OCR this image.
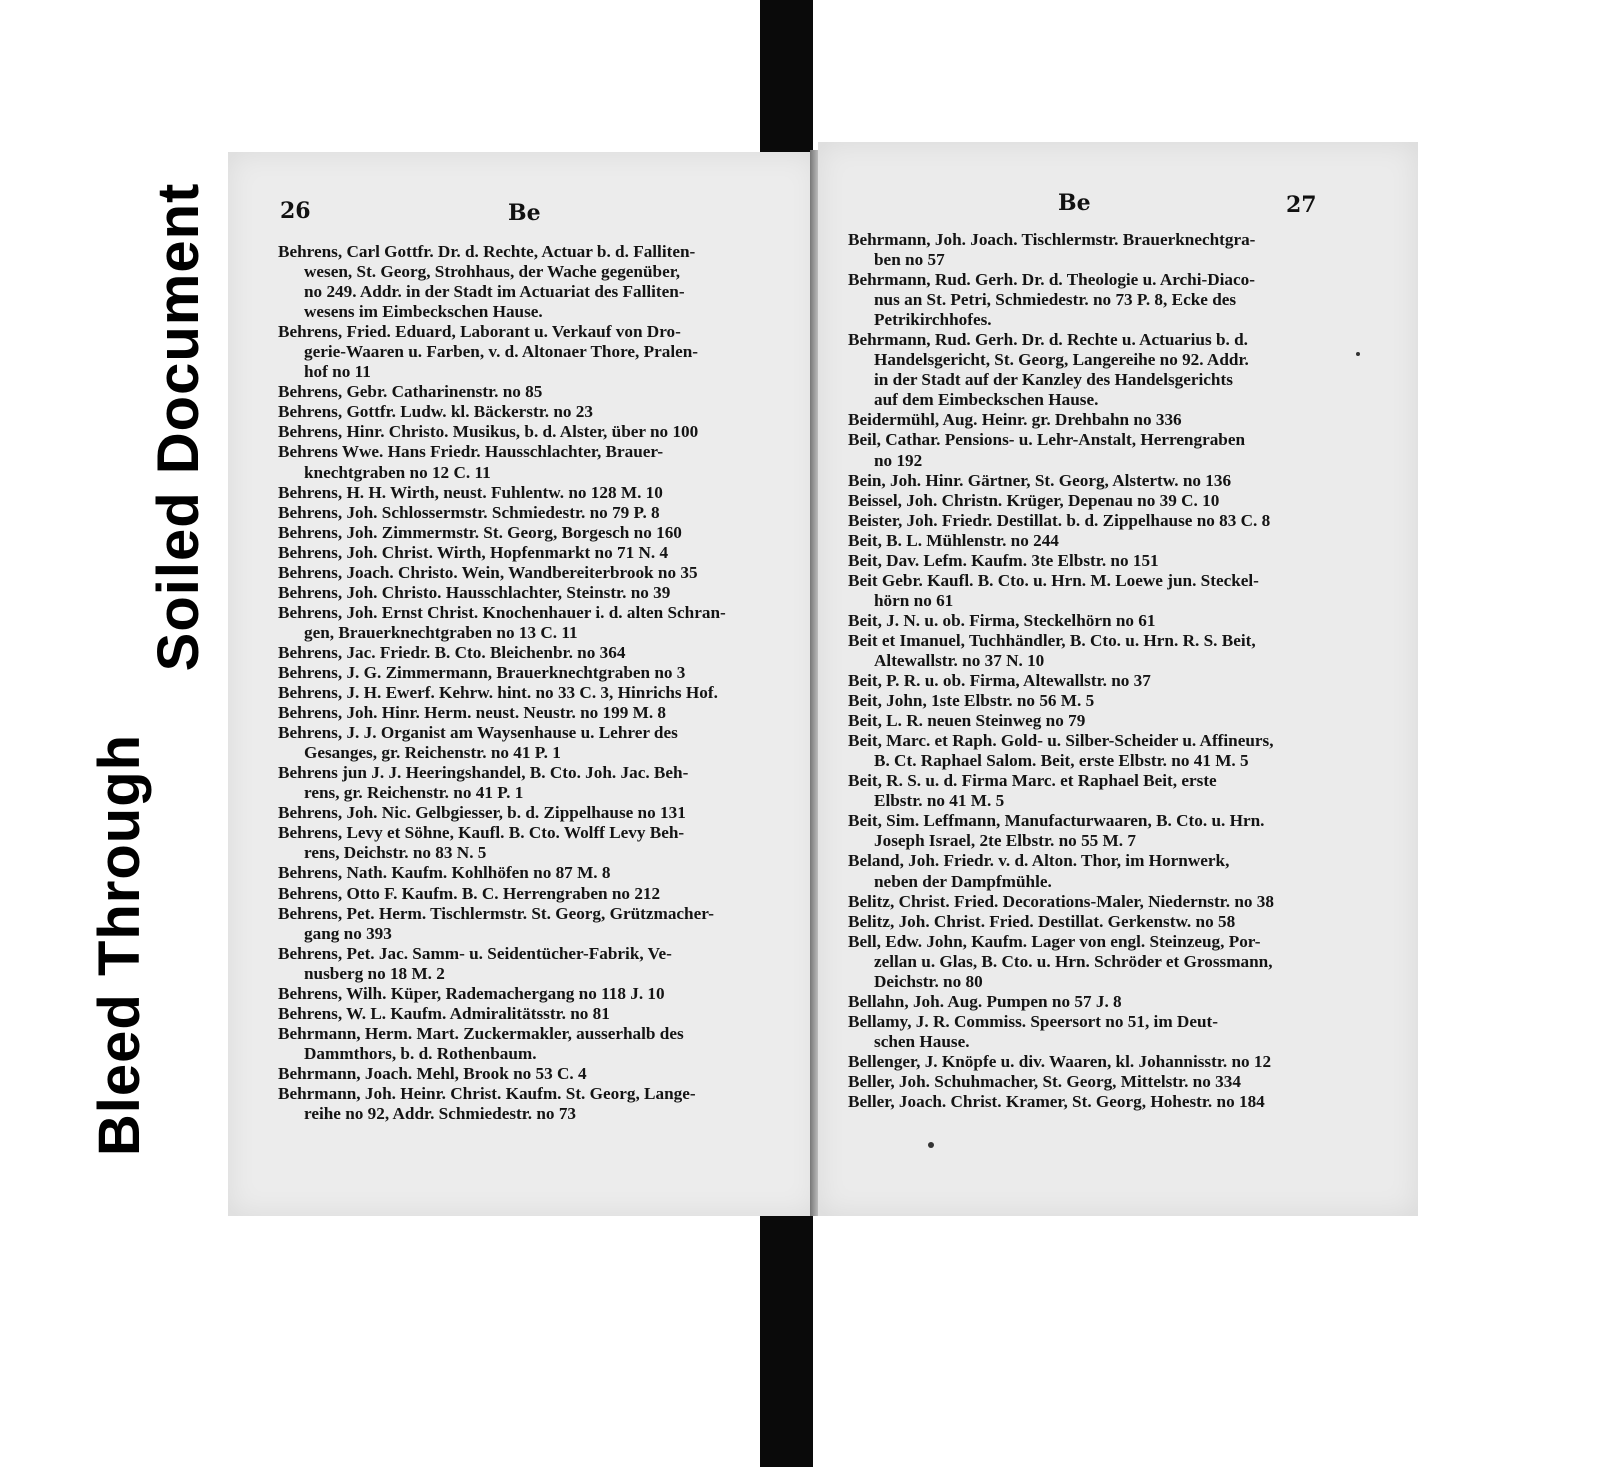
26	Be
Behrens, Carl Gottfr. Dr. d. Rechte, Actuar b. d. Falliten-
wesen, St. Georg, Strohhaus, der Wache gegenüber,
no 249. Addr. in der Stadt im Actuariat des Falliten-
wesens im Eimbeckschen Hause.
Behrens, Fried. Eduard, Laborant u. Verkauf von Dro-
gerie-Waaren u. Farben, v. d. Altonaer Thore, Pralen-
hof no 11
Behrens, Gebr. Catharinenstr. no 85
Behrens, Gottfr. Ludw. kl. Bäckerstr. no 23
Behrens, Hinr. Christo. Musikus, b. d. Alster, über no 100
Behrens Wwe. Hans Friedr. Hausschlachter, Brauer-
knechtgraben no 12 C. 11
Behrens, H. H. Wirth, neust. Fuhlentw. no 128 M. 10
Behrens, Joh. Schlossermstr. Schmiedestr. no 79 P. 8
Behrens, Joh. Zimmermstr. St. Georg, Borgesch no 160
Behrens, Joh. Christ. Wirth, Hopfenmarkt no 71 N. 4
Behrens, Joach. Christo. Wein, Wandbereiterbrook no 35
Behrens, Joh. Christo. Hausschlachter, Steinstr. no 39
Behrens, Joh. Ernst Christ. Knochenhauer i. d. alten Schran-
gen, Brauerknechtgraben no 13 C. 11
Behrens, Jac. Friedr. B. Cto. Bleichenbr. no 364
Behrens, J. G. Zimmermann, Brauerknechtgraben no 3
Behrens, J. H. Ewerf. Kehrw. hint. no 33 C. 3, Hinrichs Hof.
Behrens, Joh. Hinr. Herm. neust. Neustr. no 199 M. 8
Behrens, J. J. Organist am Waysenhause u. Lehrer des
Gesanges, gr. Reichenstr. no 41 P. 1
Behrens jun J. J. Heeringshandel, B. Cto. Joh. Jac. Beh-
rens, gr. Reichenstr. no 41 P. 1
Behrens, Joh. Nic. Gelbgiesser, b. d. Zippelhause no 131
Behrens, Levy et Söhne, Kaufl. B. Cto. Wolff Levy Beh-
rens, Deichstr. no 83 N. 5
Behrens, Nath. Kaufm. Kohlhöfen no 87 M. 8
Behrens, Otto F. Kaufm. B. C. Herrengraben no 212
Behrens, Pet. Herm. Tischlermstr. St. Georg, Grützmacher-
gang no 393
Behrens, Pet. Jac. Samm- u. Seidentücher-Fabrik, Ve-
nusberg no 18 M. 2
Behrens, Wilh. Küper, Rademachergang no 118 J. 10
Behrens, W. L. Kaufm. Admiralitätsstr. no 81
Behrmann, Herm. Mart. Zuckermakler, ausserhalb des
Dammthors, b. d. Rothenbaum.
Behrmann, Joach. Mehl, Brook no 53 C. 4
Behrmann, Joh. Heinr. Christ. Kaufm. St. Georg, Lange-
reihe no 92, Addr. Schmiedestr. no 73
Be	27
Behrmann, Joh. Joach. Tischlermstr. Brauerknechtgra-
ben no 57
Behrmann, Rud. Gerh. Dr. d. Theologie u. Archi-Diaco-
nus an St. Petri, Schmiedestr. no 73 P. 8, Ecke des
Petrikirchhofes.
Behrmann, Rud. Gerh. Dr. d. Rechte u. Actuarius b. d.
Handelsgericht, St. Georg, Langereihe no 92. Addr.
in der Stadt auf der Kanzley des Handelsgerichts
auf dem Eimbeckschen Hause.
Beidermühl, Aug. Heinr. gr. Drehbahn no 336
Beil, Cathar. Pensions- u. Lehr-Anstalt, Herrengraben
no 192
Bein, Joh. Hinr. Gärtner, St. Georg, Alstertw. no 136
Beissel, Joh. Christn. Krüger, Depenau no 39 C. 10
Beister, Joh. Friedr. Destillat. b. d. Zippelhause no 83 C. 8
Beit, B. L. Mühlenstr. no 244
Beit, Dav. Lefm. Kaufm. 3te Elbstr. no 151
Beit Gebr. Kaufl. B. Cto. u. Hrn. M. Loewe jun. Steckel-
hörn no 61
Beit, J. N. u. ob. Firma, Steckelhörn no 61
Beit et Imanuel, Tuchhändler, B. Cto. u. Hrn. R. S. Beit,
Altewallstr. no 37 N. 10
Beit, P. R. u. ob. Firma, Altewallstr. no 37
Beit, John, 1ste Elbstr. no 56 M. 5
Beit, L. R. neuen Steinweg no 79
Beit, Marc. et Raph. Gold- u. Silber-Scheider u. Affineurs,
B. Ct. Raphael Salom. Beit, erste Elbstr. no 41 M. 5
Beit, R. S. u. d. Firma Marc. et Raphael Beit, erste
Elbstr. no 41 M. 5
Beit, Sim. Leffmann, Manufacturwaaren, B. Cto. u. Hrn.
Joseph Israel, 2te Elbstr. no 55 M. 7
Beland, Joh. Friedr. v. d. Alton. Thor, im Hornwerk,
neben der Dampfmühle.
Belitz, Christ. Fried. Decorations-Maler, Niedernstr. no 38
Belitz, Joh. Christ. Fried. Destillat. Gerkenstw. no 58
Bell, Edw. John, Kaufm. Lager von engl. Steinzeug, Por-
zellan u. Glas, B. Cto. u. Hrn. Schröder et Grossmann,
Deichstr. no 80
Bellahn, Joh. Aug. Pumpen no 57 J. 8
Bellamy, J. R. Commiss. Speersort no 51, im Deut-
schen Hause.
Bellenger, J. Knöpfe u. div. Waaren, kl. Johannisstr. no 12
Beller, Joh. Schuhmacher, St. Georg, Mittelstr. no 334
Beller, Joach. Christ. Kramer, St. Georg, Hohestr. no 184
Soiled Document
Bleed Through
